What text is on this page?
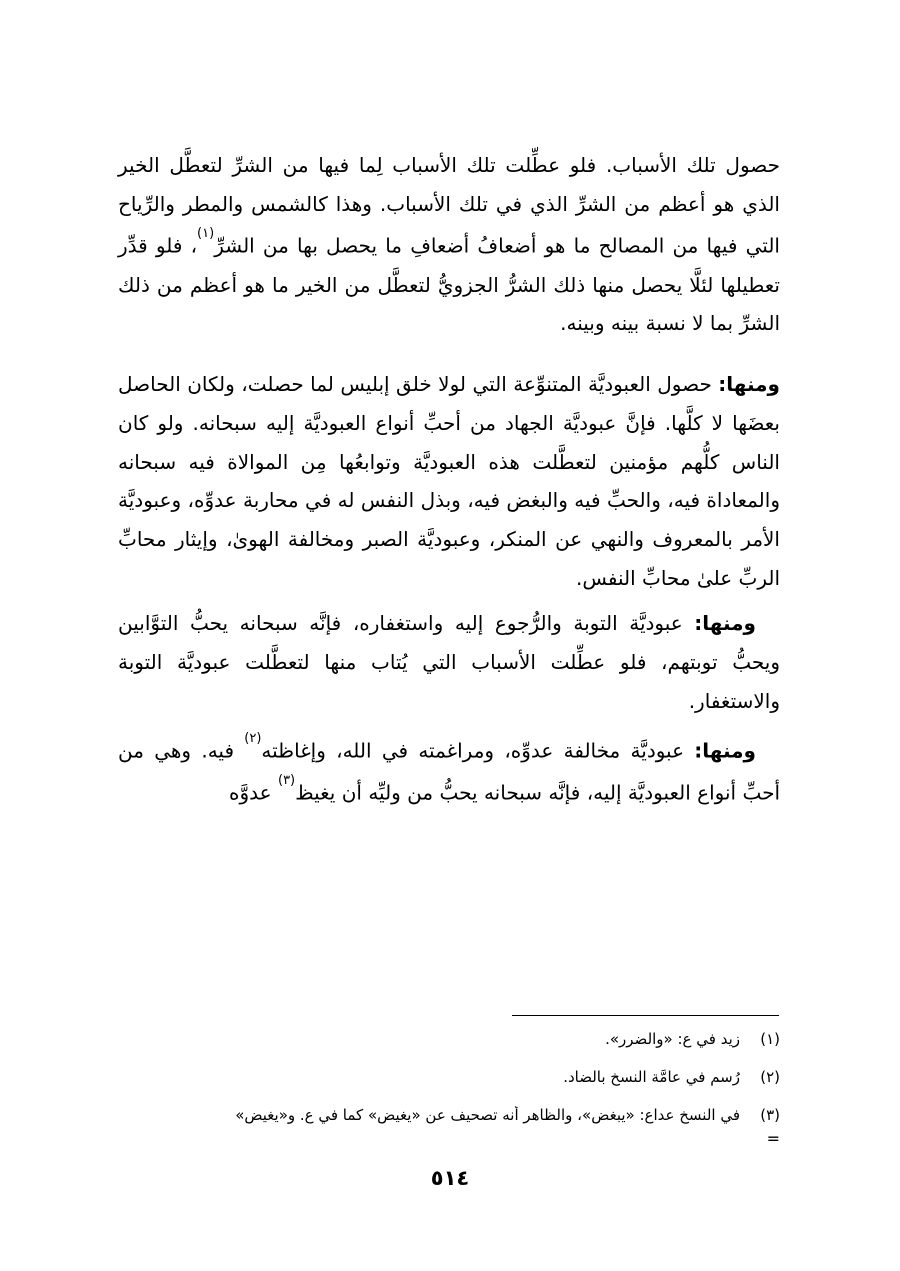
حصول تلك الأسباب. فلو عطِّلت تلك الأسباب لِما فيها من الشرِّ لتعطَّل الخير الذي هو أعظم من الشرِّ الذي في تلك الأسباب. وهذا كالشمس والمطر والرِّياح التي فيها من المصالح ما هو أضعافُ أضعافِ ما يحصل بها من الشرِّ$^{(١)}$، فلو قدِّر تعطيلها لئلَّا يحصل منها ذلك الشرُّ الجزويُّ لتعطَّل من الخير ما هو أعظم من ذلك الشرِّ بما لا نسبة بينه وبينه.

ومنها: حصول العبوديَّة المتنوِّعة التي لولا خلق إبليس لما حصلت، ولكان الحاصل بعضَها لا كلَّها. فإنَّ عبوديَّة الجهاد من أحبِّ أنواع العبوديَّة إليه سبحانه. ولو كان الناس كلُّهم مؤمنين لتعطَّلت هذه العبوديَّة وتوابعُها مِن الموالاة فيه سبحانه والمعاداة فيه، والحبِّ فيه والبغض فيه، وبذل النفس له في محاربة عدوِّه، وعبوديَّة الأمر بالمعروف والنهي عن المنكر، وعبوديَّة الصبر ومخالفة الهوىٰ، وإيثار محابِّ الربِّ علىٰ محابِّ النفس.

ومنها: عبوديَّة التوبة والرُّجوع إليه واستغفاره، فإنَّه سبحانه يحبُّ التوَّابين ويحبُّ توبتهم، فلو عطِّلت الأسباب التي يُتاب منها لتعطَّلت عبوديَّة التوبة والاستغفار.

ومنها: عبوديَّة مخالفة عدوِّه، ومراغمته في الله، وإغاظته$^{(٢)}$ فيه. وهي من أحبِّ أنواع العبوديَّة إليه، فإنَّه سبحانه يحبُّ من وليِّه أن يغيظ$^{(٣)}$ عدوَّه

(١)
زيد في ع: «والضرر».
(٢)
رُسم في عامَّة النسخ بالضاد.
(٣)
في النسخ عداع: «يبغض»، والظاهر أنه تصحيف عن «يغيض» كما في ع. و«يغيض»
=
٥١٤
